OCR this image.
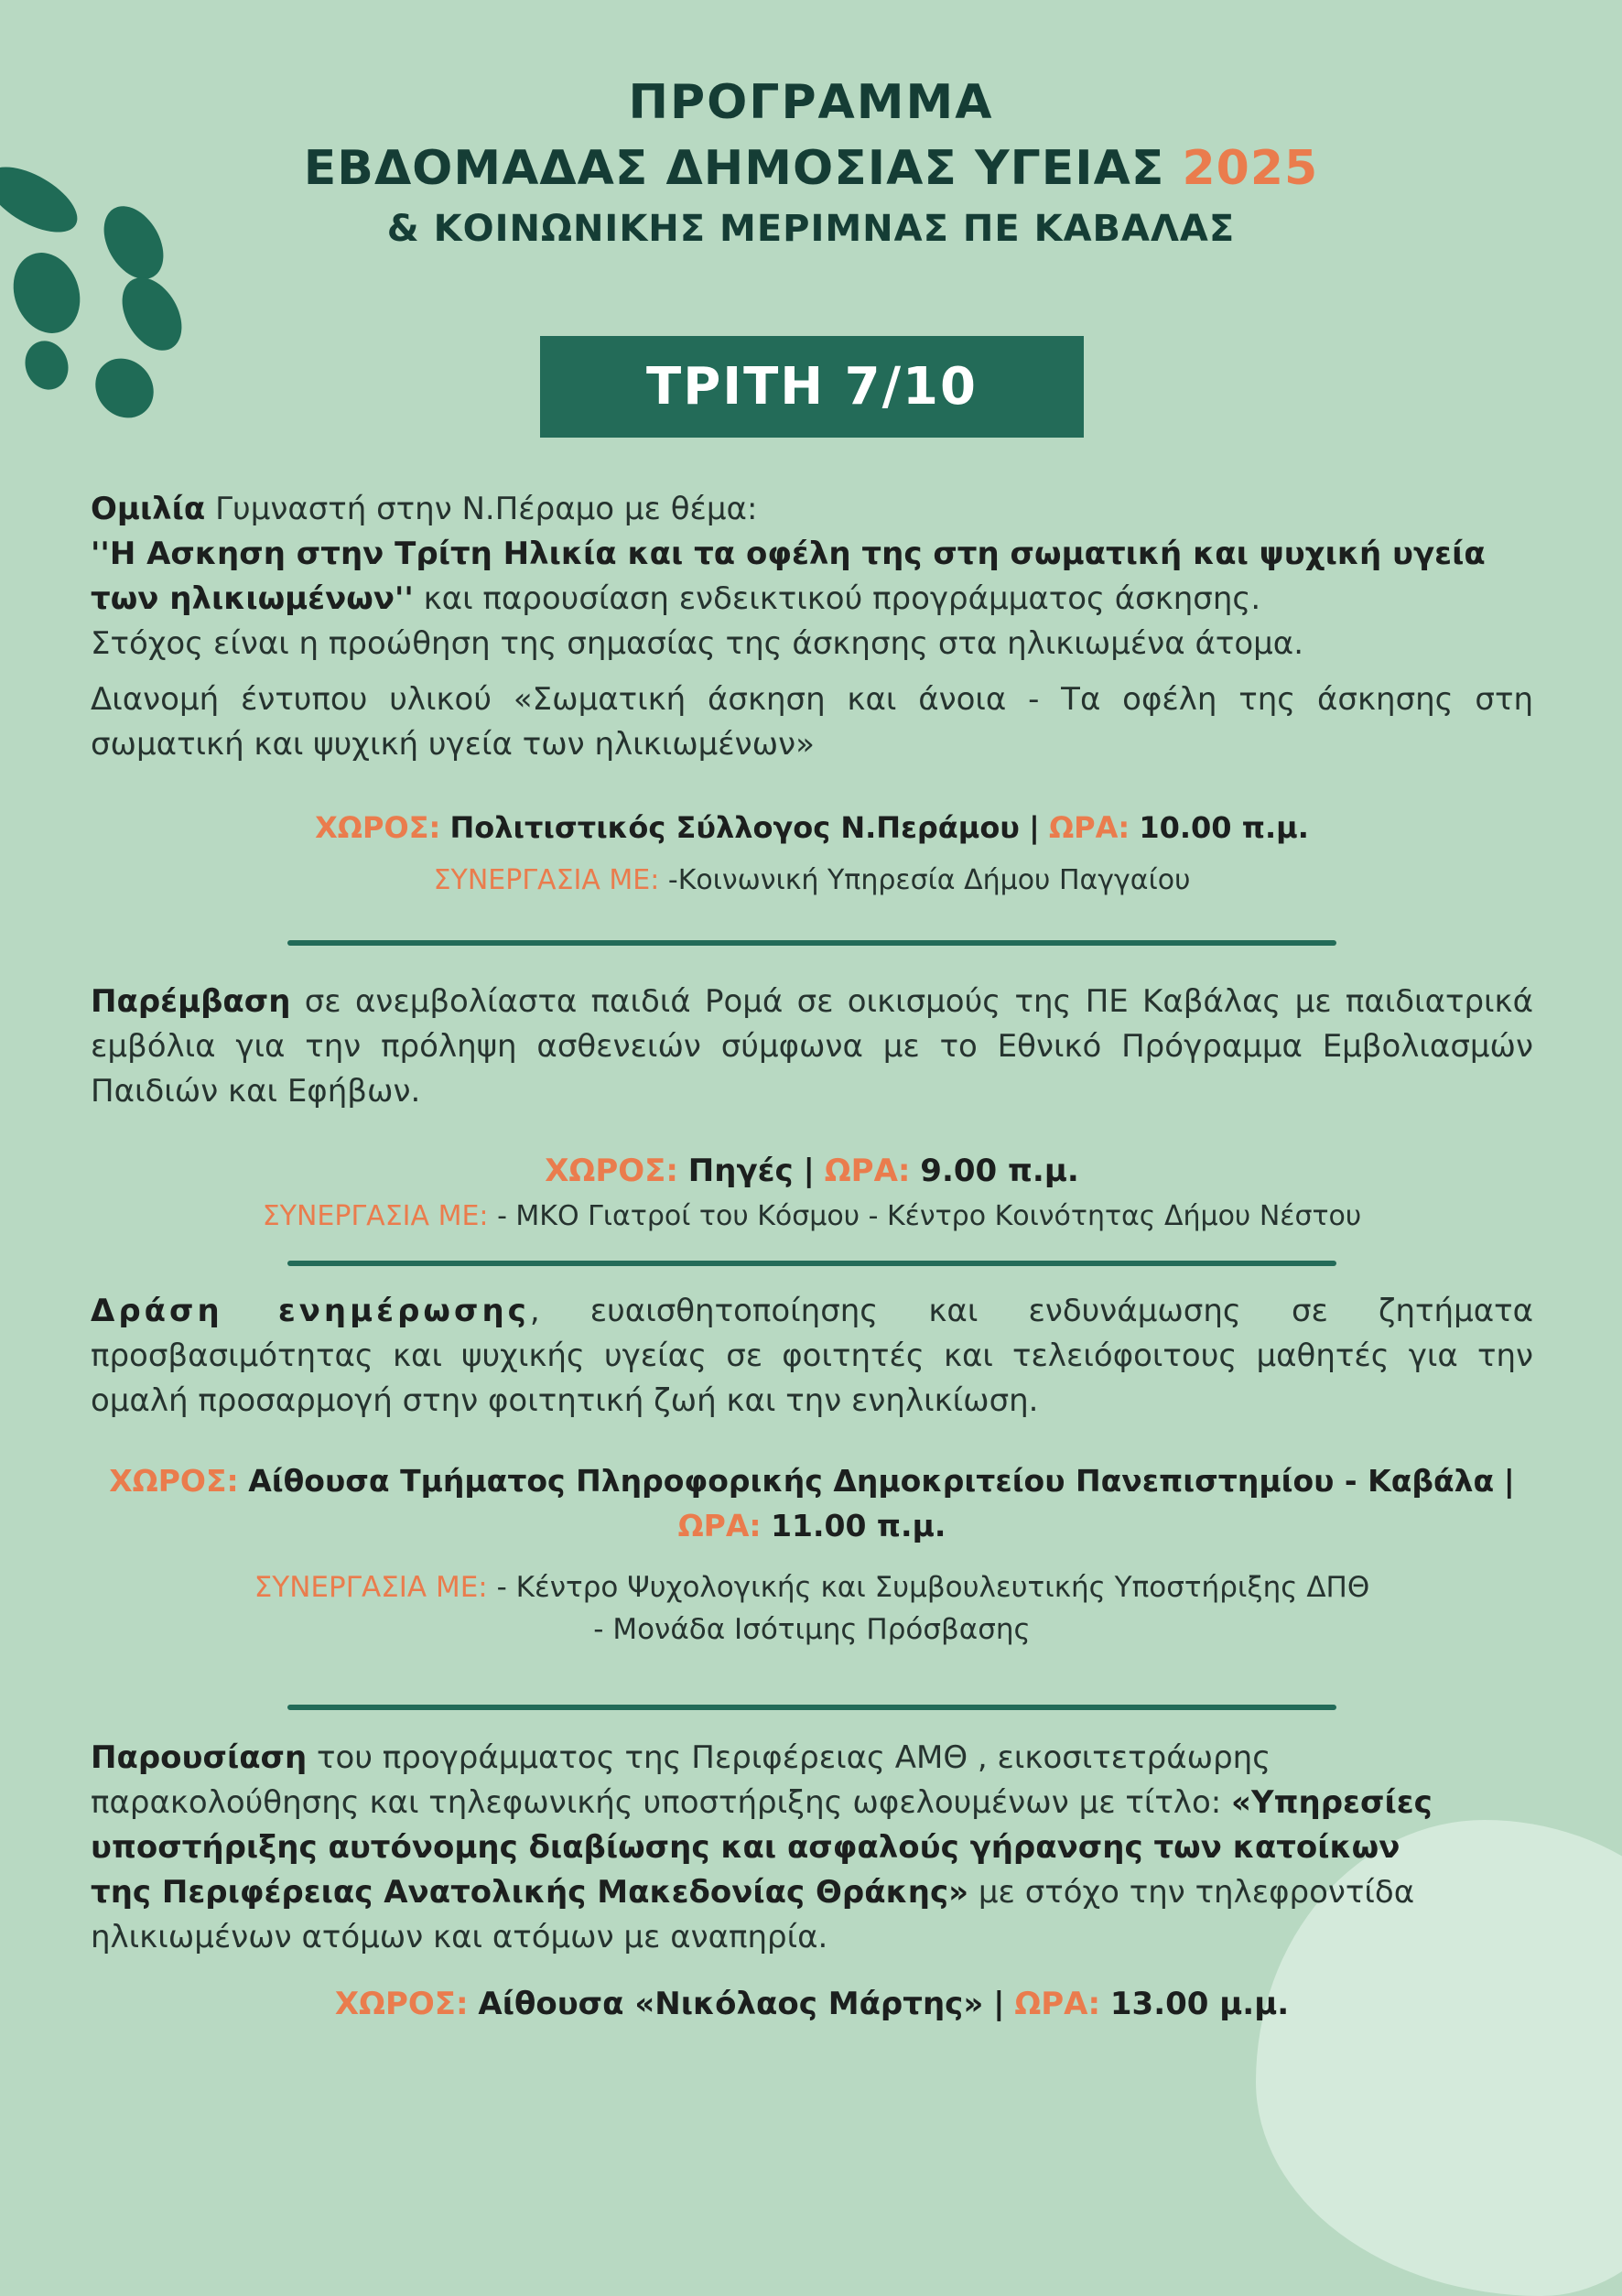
ΠΡΟΓΡΑΜΜΑ
ΕΒΔΟΜΑΔΑΣ ΔΗΜΟΣΙΑΣ ΥΓΕΙΑΣ 2025
& ΚΟΙΝΩΝΙΚΗΣ ΜΕΡΙΜΝΑΣ ΠΕ ΚΑΒΑΛΑΣ
ΤΡΙΤΗ 7/10

Ομιλία Γυμναστή στην Ν.Πέραμο με θέμα:

''Η Ασκηση στην Τρίτη Ηλικία και τα οφέλη της στη σωματική και ψυχική υγεία των ηλικιωμένων'' και παρουσίαση ενδεικτικού προγράμματος άσκησης.

Στόχος είναι η προώθηση της σημασίας της άσκησης στα ηλικιωμένα άτομα.

Διανομή έντυπου υλικού «Σωματική άσκηση και άνοια - Τα οφέλη της άσκησης στη σωματική και ψυχική υγεία των ηλικιωμένων»

ΧΩΡΟΣ: Πολιτιστικός Σύλλογος Ν.Περάμου | ΩΡΑ: 10.00 π.μ.

ΣΥΝΕΡΓΑΣΙΑ ΜΕ: -Κοινωνική Υπηρεσία Δήμου Παγγαίου

Παρέμβαση σε ανεμβολίαστα παιδιά Ρομά σε οικισμούς της ΠΕ Καβάλας με παιδιατρικά εμβόλια για την πρόληψη ασθενειών σύμφωνα με το Εθνικό Πρόγραμμα Εμβολιασμών Παιδιών και Εφήβων.

ΧΩΡΟΣ: Πηγές | ΩΡΑ: 9.00 π.μ.

ΣΥΝΕΡΓΑΣΙΑ ΜΕ: - ΜΚΟ Γιατροί του Κόσμου - Κέντρο Κοινότητας Δήμου Νέστου

Δράση ενημέρωσης, ευαισθητοποίησης και ενδυνάμωσης σε ζητήματα προσβασιμότητας και ψυχικής υγείας σε φοιτητές και τελειόφοιτους μαθητές για την ομαλή προσαρμογή στην φοιτητική ζωή και την ενηλικίωση.

ΧΩΡΟΣ: Αίθουσα Τμήματος Πληροφορικής Δημοκριτείου Πανεπιστημίου - Καβάλα | ΩΡΑ: 11.00 π.μ.

ΣΥΝΕΡΓΑΣΙΑ ΜΕ: - Κέντρο Ψυχολογικής και Συμβουλευτικής Υποστήριξης ΔΠΘ
- Μονάδα Ισότιμης Πρόσβασης

Παρουσίαση του προγράμματος της Περιφέρειας ΑΜΘ , εικοσιτετράωρης παρακολούθησης και τηλεφωνικής υποστήριξης ωφελουμένων με τίτλο: «Υπηρεσίες υποστήριξης αυτόνομης διαβίωσης και ασφαλούς γήρανσης των κατοίκων της Περιφέρειας Ανατολικής Μακεδονίας Θράκης» με στόχο την τηλεφροντίδα ηλικιωμένων ατόμων και ατόμων με αναπηρία.

ΧΩΡΟΣ: Αίθουσα «Νικόλαος Μάρτης» | ΩΡΑ: 13.00 μ.μ.
